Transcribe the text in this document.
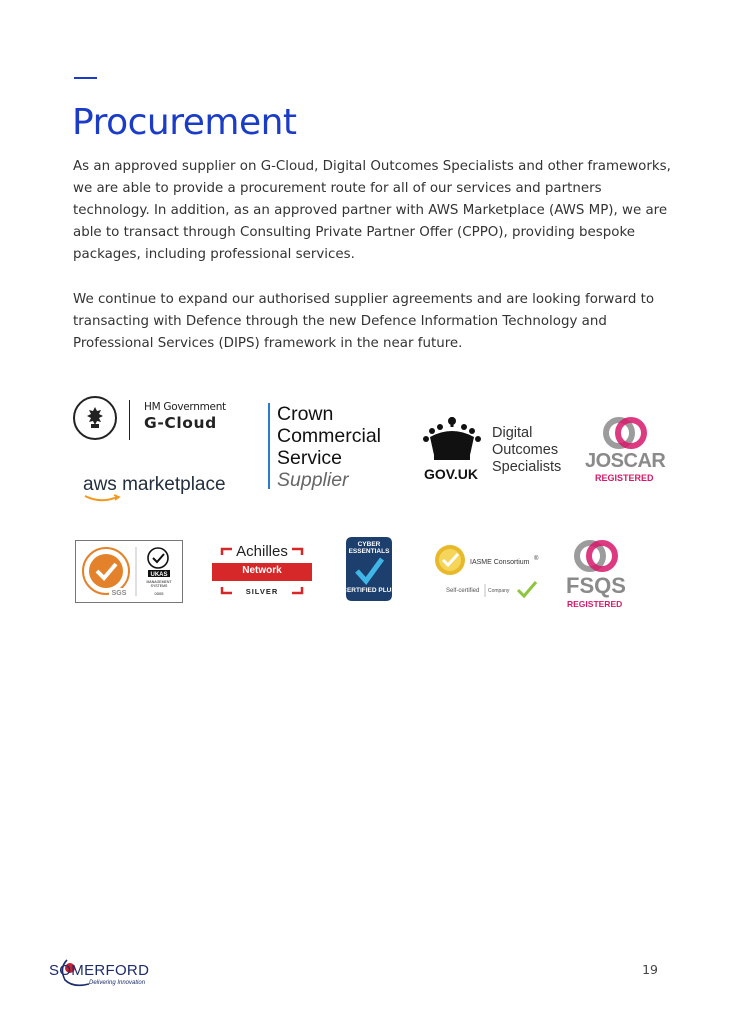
Procurement

As an approved supplier on G-Cloud, Digital Outcomes Specialists and other frameworks, we are able to provide a procurement route for all of our services and partners technology. In addition, as an approved partner with AWS Marketplace (AWS MP), we are able to transact through Consulting Private Partner Offer (CPPO), providing bespoke packages, including professional services.

We continue to expand our authorised supplier agreements and are looking forward to transacting with Defence through the new Defence Information Technology and Professional Services (DIPS) framework in the near future.

HM Government
G-Cloud
aws marketplace
Crown
Commercial
Service
Supplier	GOV.UK
Digital
Outcomes
Specialists JOSCAR
REGISTERED
SGS
UKAS
MANAGEMENT
SYSTEMS
0005
Achilles
Network
SILVER
CYBER ESSENTIALS
CERTIFIED PLUS
®
IASME Consortium
Self-certified Company	FSQS
REGISTERED
SOMERFORD
Delivering Innovation
19
